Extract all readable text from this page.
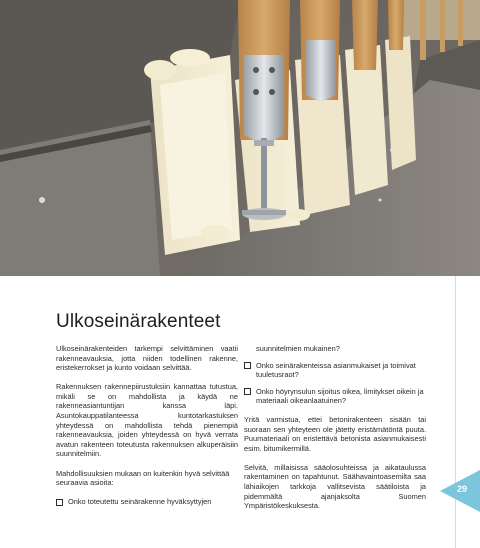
Ulkoseinärakenteet

Ulkoseinärakenteiden tarkempi selvittäminen vaatii rakenneavauksia, jotta niiden todellinen rakenne, eristekerrokset ja kunto voidaan selvittää.

Rakennuksen rakennepiirustuksiin kannattaa tutustua, mikäli se on mahdollista ja käydä ne rakenneasiantuntijan kanssa läpi. Asuntokauppatilanteessa kuntotarkastuksen yhteydessä on mahdollista tehdä pienempiä rakenneavauksia, joiden yhteydessä on hyvä verrata avatun rakenteen toteutusta rakennuksen alkuperäisiin suunnitelmiin.

Mahdollisuuksien mukaan on kuitenkin hyvä selvittää seuraavia asioita:

Onko toteutettu seinärakenne hyväksyttyjen
suunnitelmien mukainen?
Onko seinärakenteissa asianmukaiset ja toimivat tuuletusraot?
Onko höyrynsulun sijoitus oikea, limitykset oikein ja materiaali oikeanlaatuinen?

Yritä varmistua, ettei betonirakenteen sisään tai suoraan sen yhteyteen ole jätetty eristämätöntä puuta. Puumateriaali on eristettävä betonista asianmukaisesti esim. bitumikermillä.

Selvitä, millaisissa sääolosuhteissa ja aikataulussa rakentaminen on tapahtunut. Säähavaintoasemilta saa lähiaikojen tarkkoja vallitsevista säätiloista ja pidemmältä ajanjaksolta Suomen Ympäristökeskuksesta.

29
